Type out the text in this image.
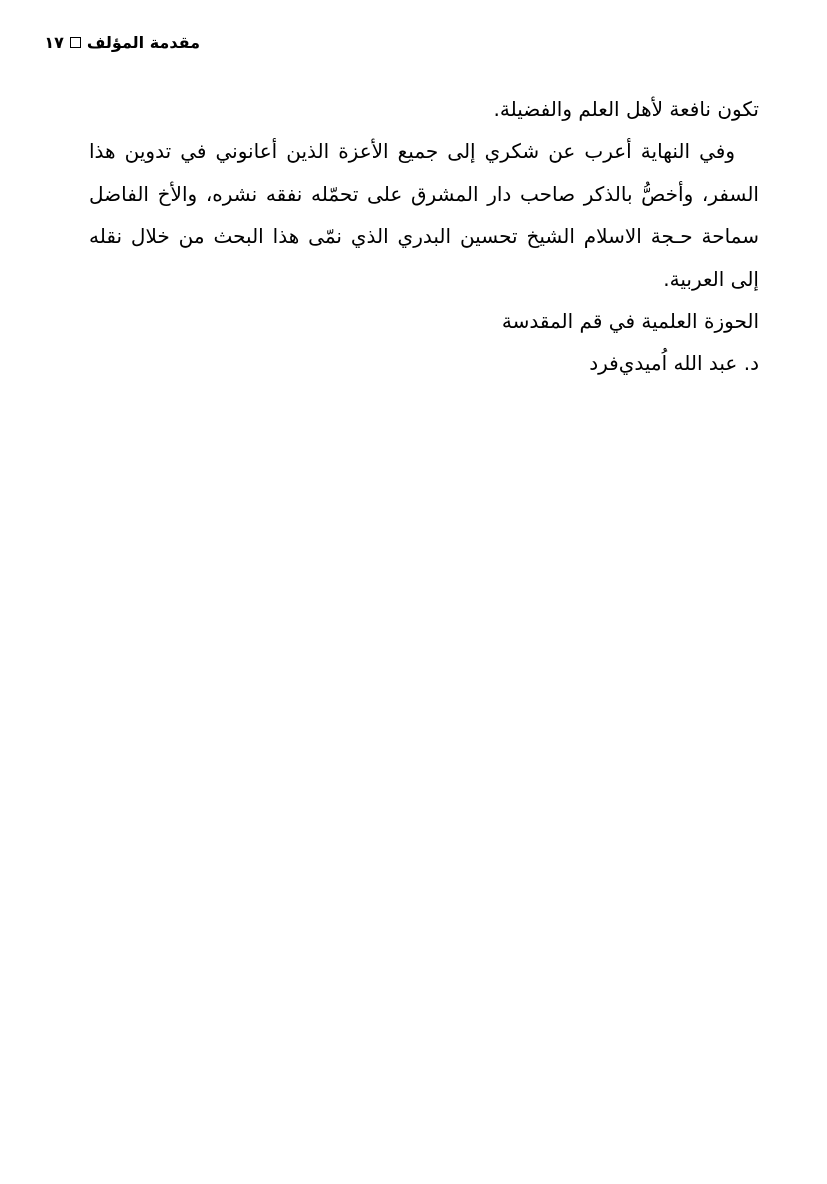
مقدمة المؤلف١٧

تكون نافعة لأهل العلم والفضيلة.

وفي النهاية أعرب عن شكري إلى جميع الأعزة الذين أعانوني في تدوين هذا السفر، وأخصُّ بالذكر صاحب دار المشرق على تحمّله نفقه نشره، والأخ الفاضل سماحة حـجة الاسلام الشيخ تحسين البدري الذي نمّى هذا البحث من خلال نقله إلى العربية.

الحوزة العلمية في قم المقدسة

د. عبد الله اُميدي‌فرد
